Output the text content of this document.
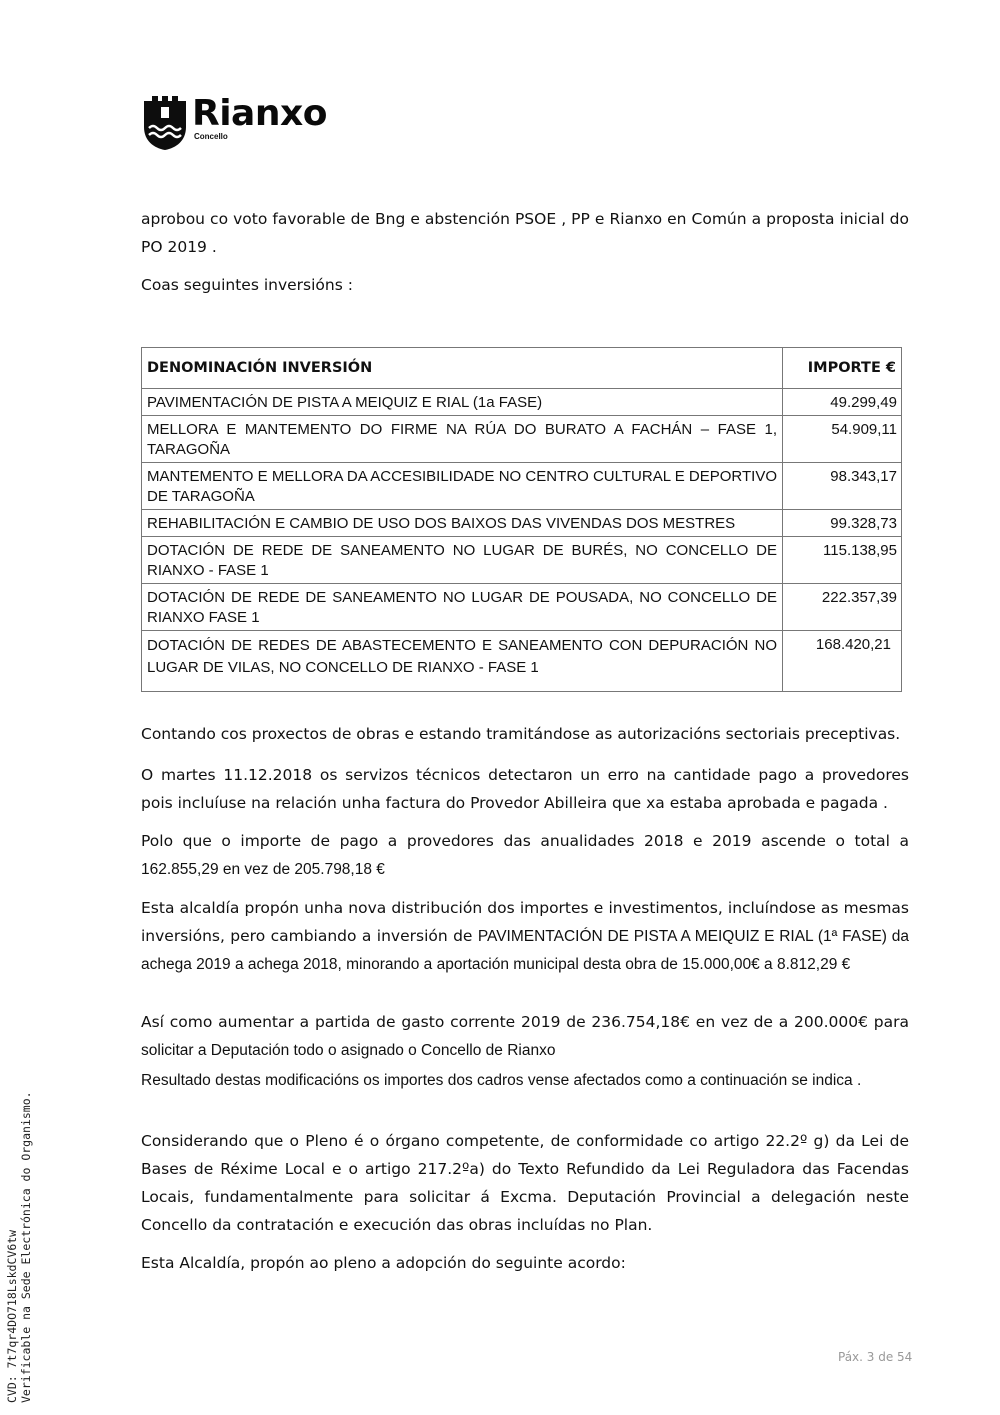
Rianxo
Concello

aprobou co voto favorable de Bng e abstención PSOE , PP e Rianxo en Común a proposta inicial do PO 2019 .

Coas seguintes inversións :

DENOMINACIÓN INVERSIÓN	IMPORTE €
PAVIMENTACIÓN DE PISTA A MEIQUIZ E RIAL (1a FASE)	49.299,49
MELLORA E MANTEMENTO DO FIRME NA RÚA DO BURATO A FACHÁN – FASE 1, TARAGOÑA	54.909,11
MANTEMENTO E MELLORA DA ACCESIBILIDADE NO CENTRO CULTURAL E DEPORTIVO DE TARAGOÑA	98.343,17
REHABILITACIÓN E CAMBIO DE USO DOS BAIXOS DAS VIVENDAS DOS MESTRES	99.328,73
DOTACIÓN DE REDE DE SANEAMENTO NO LUGAR DE BURÉS, NO CONCELLO DE RIANXO - FASE 1	115.138,95
DOTACIÓN DE REDE DE SANEAMENTO NO LUGAR DE POUSADA, NO CONCELLO DE RIANXO FASE 1	222.357,39
DOTACIÓN DE REDES DE ABASTECEMENTO E SANEAMENTO CON DEPURACIÓN NO LUGAR DE VILAS, NO CONCELLO DE RIANXO - FASE 1	168.420,21

Contando cos proxectos de obras e estando tramitándose as autorizacións sectoriais preceptivas.

O martes 11.12.2018 os servizos técnicos detectaron un erro na cantidade pago a provedores pois incluíuse na relación unha factura do Provedor Abilleira que xa estaba aprobada e pagada .

Polo que o importe de pago a provedores das anualidades 2018 e 2019 ascende o total a 162.855,29 en vez de 205.798,18 €

Esta alcaldía propón unha nova distribución dos importes e investimentos, incluíndose as mesmas inversións, pero cambiando a inversión de PAVIMENTACIÓN DE PISTA A MEIQUIZ E RIAL (1ª FASE) da achega 2019 a achega 2018, minorando a aportación municipal desta obra de 15.000,00€ a 8.812,29 €

Así como aumentar a partida de gasto corrente 2019 de 236.754,18€ en vez de a 200.000€ para solicitar a Deputación todo o asignado o Concello de Rianxo

Resultado destas modificacións os importes dos cadros vense afectados como a continuación se indica .

Considerando que o Pleno é o órgano competente, de conformidade co artigo 22.2º g) da Lei de Bases de Réxime Local e o artigo 217.2ºa) do Texto Refundido da Lei Reguladora das Facendas Locais, fundamentalmente para solicitar á Excma. Deputación Provincial a delegación neste Concello da contratación e execución das obras incluídas no Plan.

Esta Alcaldía, propón ao pleno a adopción do seguinte acordo:

CVD: 7t7qr4DO718LskdCV6tw Verificable na Sede Electrónica do Organismo.	Páx. 3 de 54
